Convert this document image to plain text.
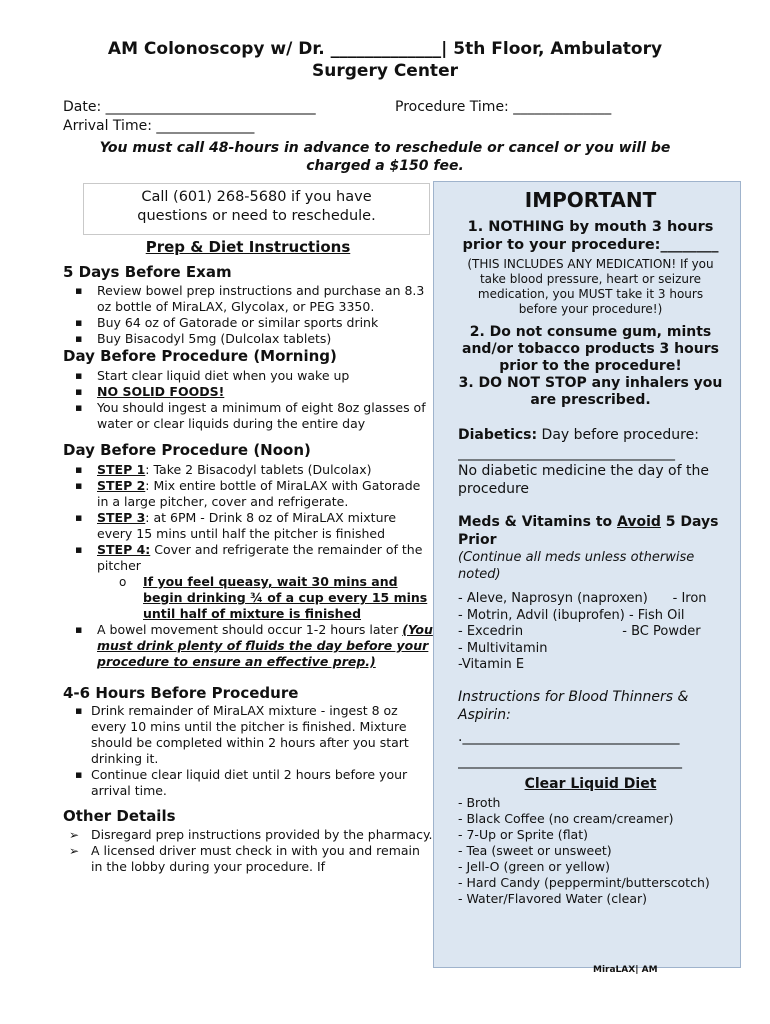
AM Colonoscopy w/ Dr. _____________| 5th Floor, Ambulatory
Surgery Center
Date: ______________________________	Procedure Time: ______________
Arrival Time: ______________
You must call 48-hours in advance to reschedule or cancel or you will be
charged a $150 fee.
Call (601) 268-5680 if you have
questions or need to reschedule.
Prep & Diet Instructions
5 Days Before Exam
▪ Review bowel prep instructions and purchase an 8.3 oz bottle of MiraLAX, Glycolax, or PEG 3350.
▪ Buy 64 oz of Gatorade or similar sports drink
▪ Buy Bisacodyl 5mg (Dulcolax tablets)
Day Before Procedure (Morning)
▪ Start clear liquid diet when you wake up
▪ NO SOLID FOODS!
▪ You should ingest a minimum of eight 8oz glasses of water or clear liquids during the entire day
Day Before Procedure (Noon)
▪ STEP 1: Take 2 Bisacodyl tablets (Dulcolax)
▪ STEP 2: Mix entire bottle of MiraLAX with Gatorade in a large pitcher, cover and refrigerate.
▪ STEP 3: at 6PM - Drink 8 oz of MiraLAX mixture every 15 mins until half the pitcher is finished
▪ STEP 4: Cover and refrigerate the remainder of the pitcher
o If you feel queasy, wait 30 mins and begin drinking ¾ of a cup every 15 mins until half of mixture is finished
▪ A bowel movement should occur 1-2 hours later (You must drink plenty of fluids the day before your procedure to ensure an effective prep.)
4-6 Hours Before Procedure
▪ Drink remainder of MiraLAX mixture - ingest 8 oz every 10 mins until the pitcher is finished. Mixture should be completed within 2 hours after you start drinking it.
▪ Continue clear liquid diet until 2 hours before your arrival time.
Other Details
➢ Disregard prep instructions provided by the pharmacy.
➢ A licensed driver must check in with you and remain in the lobby during your procedure. If
IMPORTANT
1. NOTHING by mouth 3 hours prior to your procedure:________
(THIS INCLUDES ANY MEDICATION! If you take blood pressure, heart or seizure medication, you MUST take it 3 hours before your procedure!)
2. Do not consume gum, mints and/or tobacco products 3 hours prior to the procedure!
3. DO NOT STOP any inhalers you are prescribed.
Diabetics: Day before procedure:
_______________________________
No diabetic medicine the day of the procedure
Meds & Vitamins to Avoid 5 Days Prior
(Continue all meds unless otherwise noted)
- Aleve, Naprosyn (naproxen)      - Iron
- Motrin, Advil (ibuprofen) - Fish Oil
- Excedrin                        - BC Powder
- Multivitamin
-Vitamin E
Instructions for Blood Thinners & Aspirin:
._______________________________
________________________________
Clear Liquid Diet
- Broth
- Black Coffee (no cream/creamer)
- 7-Up or Sprite (flat)
- Tea (sweet or unsweet)
- Jell-O (green or yellow)
- Hard Candy (peppermint/butterscotch)
- Water/Flavored Water (clear)
MiraLAX| AM
